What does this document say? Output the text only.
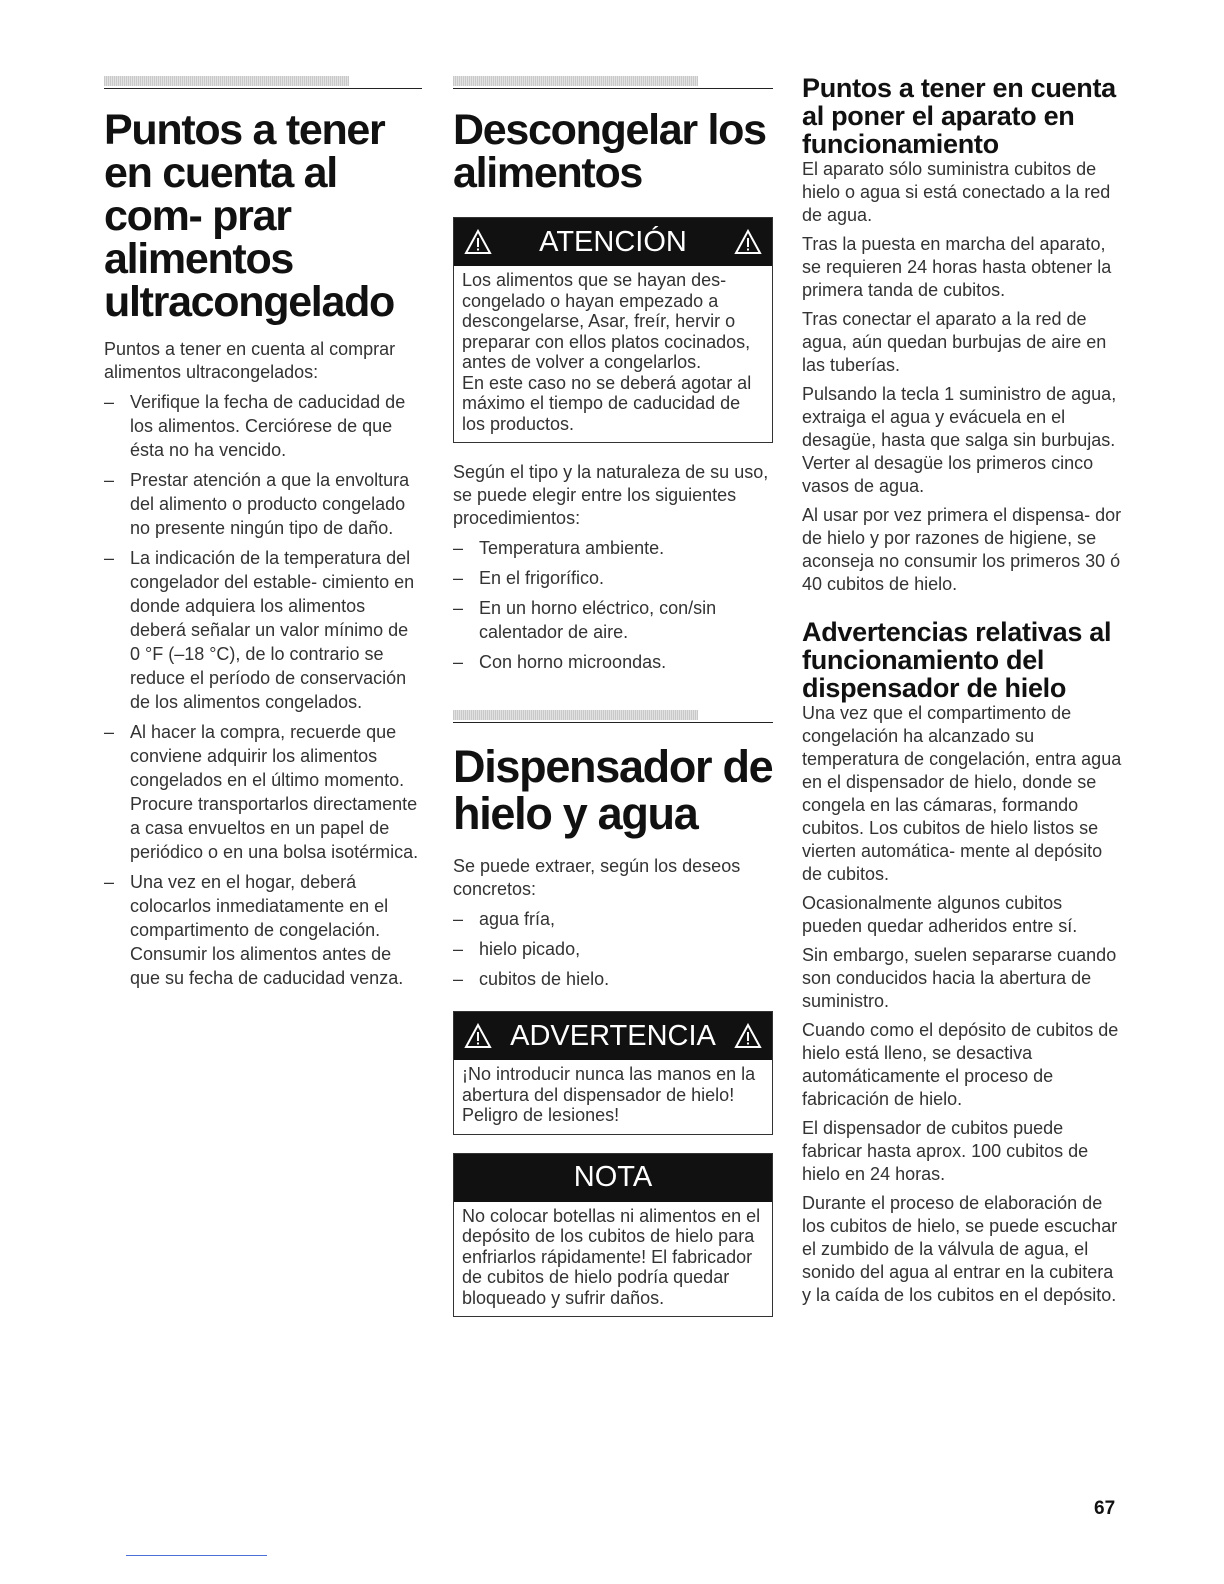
Puntos a tener en cuenta al com- prar alimentos ultracongelado

Puntos a tener en cuenta al comprar alimentos ultracongelados:

– Verifique la fecha de caducidad de los alimentos. Cerciórese de que ésta no ha vencido.
– Prestar atención a que la envoltura del alimento o producto congelado no presente ningún tipo de daño.
– La indicación de la temperatura del congelador del estable- cimiento en donde adquiera los alimentos deberá señalar un valor mínimo de 0 °F (–18 °C), de lo contrario se reduce el período de conservación de los alimentos congelados.
– Al hacer la compra, recuerde que conviene adquirir los alimentos congelados en el último momento. Procure transportarlos directamente a casa envueltos en un papel de periódico o en una bolsa isotérmica.
– Una vez en el hogar, deberá colocarlos inmediatamente en el compartimento de congelación. Consumir los alimentos antes de que su fecha de caducidad venza.
Descongelar los alimentos
ATENCIÓN

Los alimentos que se hayan des- congelado o hayan empezado a descongelarse, Asar, freír, hervir o preparar con ellos platos cocinados, antes de volver a congelarlos.

En este caso no se deberá agotar al máximo el tiempo de caducidad de los productos.

Según el tipo y la naturaleza de su uso, se puede elegir entre los siguientes procedimientos:

– Temperatura ambiente.
– En el frigorífico.
– En un horno eléctrico, con/sin calentador de aire.
– Con horno microondas.
Dispensador de hielo y agua

Se puede extraer, según los deseos concretos:

– agua fría,
– hielo picado,
– cubitos de hielo.
ADVERTENCIA

¡No introducir nunca las manos en la abertura del dispensador de hielo! Peligro de lesiones!

NOTA

No colocar botellas ni alimentos en el depósito de los cubitos de hielo para enfriarlos rápidamente! El fabricador de cubitos de hielo podría quedar bloqueado y sufrir daños.

Puntos a tener en cuenta al poner el aparato en funcionamiento

El aparato sólo suministra cubitos de hielo o agua si está conectado a la red de agua.

Tras la puesta en marcha del aparato, se requieren 24 horas hasta obtener la primera tanda de cubitos.

Tras conectar el aparato a la red de agua, aún quedan burbujas de aire en las tuberías.

Pulsando la tecla 1 suministro de agua, extraiga el agua y evácuela en el desagüe, hasta que salga sin burbujas. Verter al desagüe los primeros cinco vasos de agua.

Al usar por vez primera el dispensa- dor de hielo y por razones de higiene, se aconseja no consumir los primeros 30 ó 40 cubitos de hielo.

Advertencias relativas al funcionamiento del dispensador de hielo

Una vez que el compartimento de congelación ha alcanzado su temperatura de congelación, entra agua en el dispensador de hielo, donde se congela en las cámaras, formando cubitos. Los cubitos de hielo listos se vierten automática- mente al depósito de cubitos.

Ocasionalmente algunos cubitos pueden quedar adheridos entre sí.

Sin embargo, suelen separarse cuando son conducidos hacia la abertura de suministro.

Cuando como el depósito de cubitos de hielo está lleno, se desactiva automáticamente el proceso de fabricación de hielo.

El dispensador de cubitos puede fabricar hasta aprox. 100 cubitos de hielo en 24 horas.

Durante el proceso de elaboración de los cubitos de hielo, se puede escuchar el zumbido de la válvula de agua, el sonido del agua al entrar en la cubitera y la caída de los cubitos en el depósito.

67
